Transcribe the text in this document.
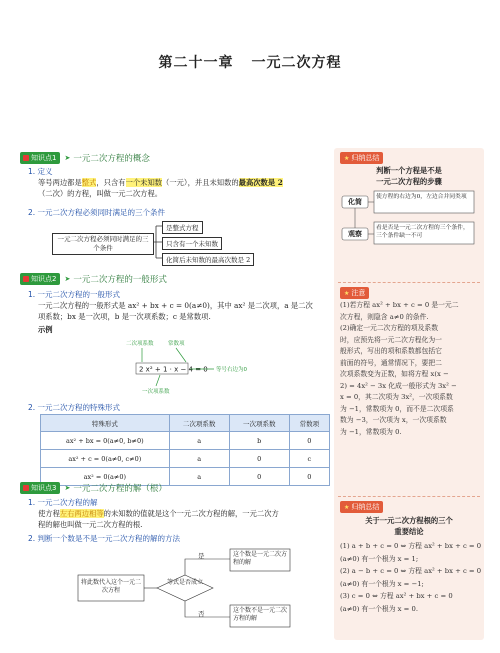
第二十一章 一元二次方程
知识点1 ➤ 一元二次方程的概念
1. 定义
等号两边都是整式，只含有一个未知数（一元），并且未知数的最高次数是 2
（二次）的方程，叫做一元二次方程。
2. 一元二次方程必须同时满足的三个条件
一元二次方程必须同时满足的三个条件
是整式方程
只含有一个未知数
化简后未知数的最高次数是 2
知识点2 ➤ 一元二次方程的一般形式
1. 一元二次方程的一般形式
一元二次方程的一般形式是 ax² + bx + c = 0(a≠0)，其中 ax² 是二次项，a 是二次
项系数；bx 是一次项，b 是一次项系数；c 是常数项.
示例
二次项系数	常数项
2 x² + 1 · x − 4 = 0 等号右边为0
一次项系数
2. 一元二次方程的特殊形式
特殊形式	二次项系数	一次项系数	常数项
ax² + bx = 0(a≠0, b≠0)	a	b	0
ax² + c = 0(a≠0, c≠0)	a	0	c
ax² = 0(a≠0)	a	0	0
知识点3 ➤ 一元二次方程的解（根）
1. 一元二次方程的解
使方程左右两边相等的未知数的值就是这个一元二次方程的解，一元二次方
程的解也叫做一元二次方程的根.
2. 判断一个数是不是一元二次方程的解的方法
将此数代入这个一元二次方程
等式是否成立
是
否
这个数是一元二次方程的解
这个数不是一元二次方程的解
★ 归纳总结
判断一个方程是不是
一元二次方程的步骤
化简
观察
使方程的右边为0，左边合并同类项
看是否是一元二次方程的三个条件，三个条件缺一不可
★ 注意
(1)若方程 ax² + bx + c = 0 是一元二
次方程，则隐含 a≠0 的条件.
(2)确定一元二次方程的项及系数
时，应预先将一元二次方程化为一
般形式，写出的项和系数都包括它
前面的符号，通常情况下，要把二
次项系数变为正数，如将方程 x(x −
2) = 4x² − 3x 化成一般形式为 3x² −
x = 0，其二次项为 3x²，一次项系数
为 −1，常数项为 0，而不是二次项系
数为 −3，一次项为 x，一次项系数
为 −1，常数项为 0.
★ 归纳总结
关于一元二次方程根的三个
重要结论
(1) a + b + c = 0 ⇔ 方程 ax² + bx + c = 0
(a≠0) 有一个根为 x = 1;
(2) a − b + c = 0 ⇔ 方程 ax² + bx + c = 0
(a≠0) 有一个根为 x = −1;
(3) c = 0 ⇔ 方程 ax² + bx + c = 0
(a≠0) 有一个根为 x = 0.
